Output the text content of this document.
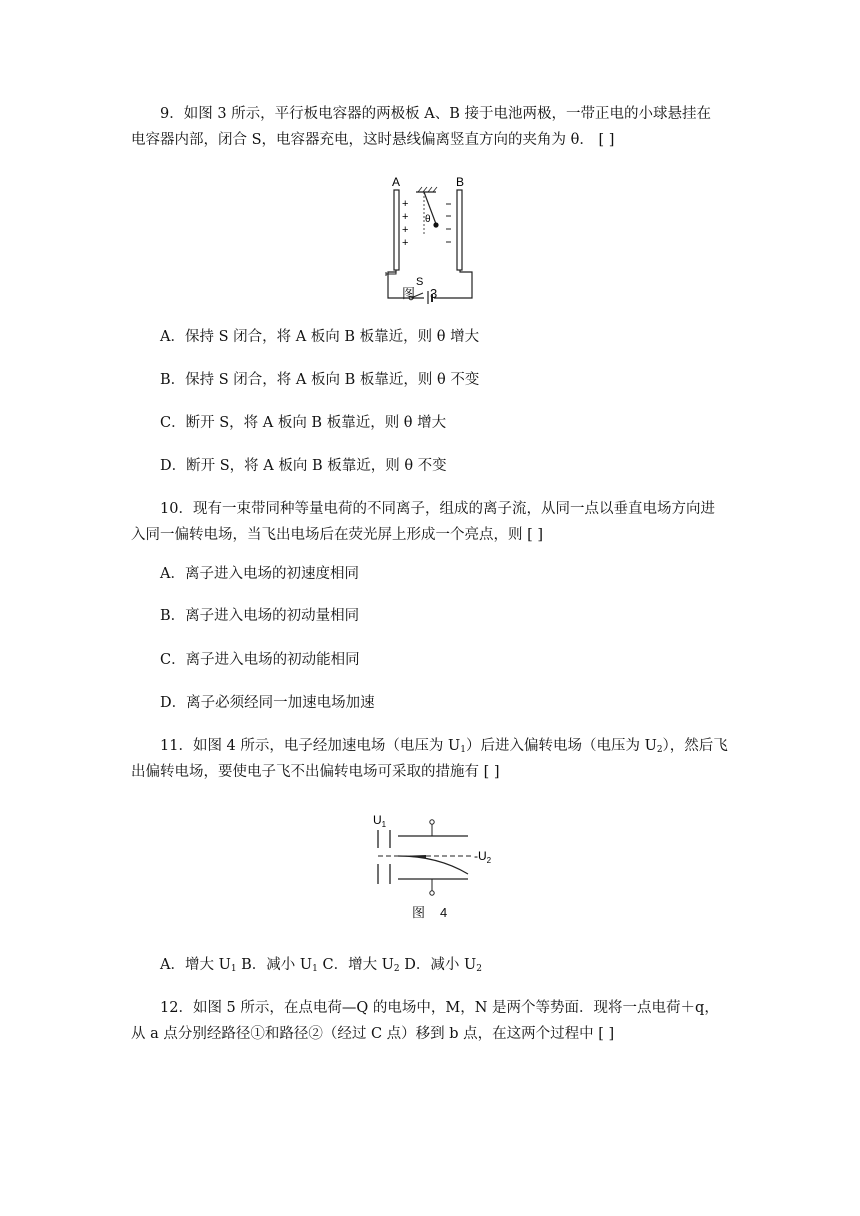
9．如图 3 所示，平行板电容器的两极板 A、B 接于电池两极，一带正电的小球悬挂在
电容器内部，闭合 S，电容器充电，这时悬线偏离竖直方向的夹角为 θ． [ ]
A	B
+
+
+
+
θ
S
图　3
A．保持 S 闭合，将 A 板向 B 板靠近，则 θ 增大
B．保持 S 闭合，将 A 板向 B 板靠近，则 θ 不变
C．断开 S，将 A 板向 B 板靠近，则 θ 增大
D．断开 S，将 A 板向 B 板靠近，则 θ 不变
10．现有一束带同种等量电荷的不同离子，组成的离子流，从同一点以垂直电场方向进
入同一偏转电场，当飞出电场后在荧光屏上形成一个亮点，则 [ ]
A．离子进入电场的初速度相同
B．离子进入电场的初动量相同
C．离子进入电场的初动能相同
D．离子必须经同一加速电场加速
11．如图 4 所示，电子经加速电场（电压为 $U_1$）后进入偏转电场（电压为 $U_2$），然后飞
出偏转电场，要使电子飞不出偏转电场可采取的措施有 [ ]
$U_1$
$-U_2$
图　4
A．增大 $U_1$ B．减小 $U_1$ C．增大 $U_2$ D．减小 $U_2$
12．如图 5 所示，在点电荷—Q 的电场中，M，N 是两个等势面．现将一点电荷＋q，
从 a 点分别经路径①和路径②（经过 C 点）移到 b 点，在这两个过程中 [ ]
